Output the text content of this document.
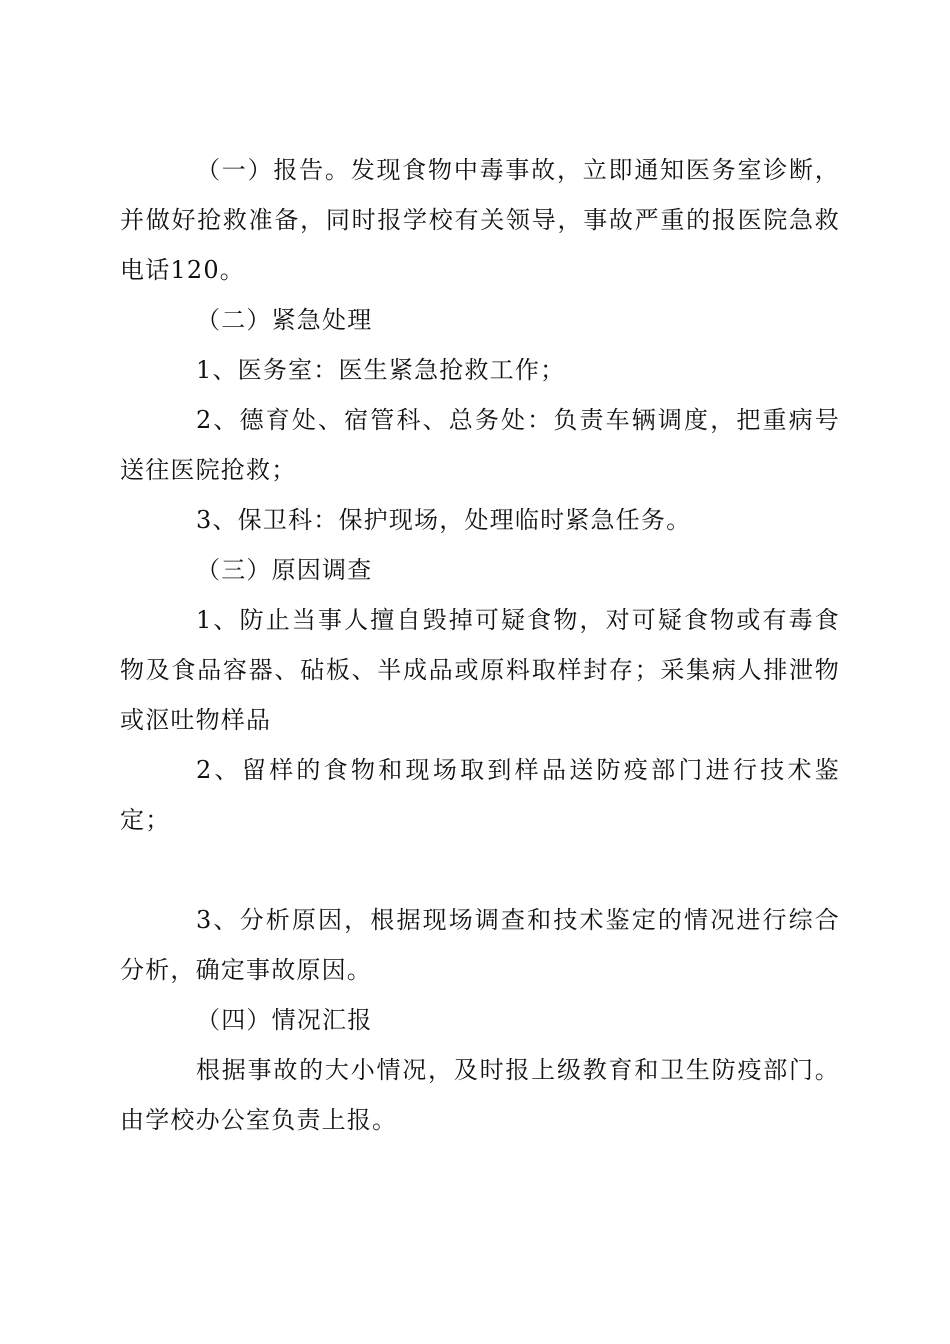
（一）报告。发现食物中毒事故，立即通知医务室诊断，并做好抢救准备，同时报学校有关领导，事故严重的报医院急救电话120。

（二）紧急处理

1、医务室：医生紧急抢救工作；

2、德育处、宿管科、总务处：负责车辆调度，把重病号送往医院抢救；

3、保卫科：保护现场，处理临时紧急任务。

（三）原因调查

1、防止当事人擅自毁掉可疑食物，对可疑食物或有毒食物及食品容器、砧板、半成品或原料取样封存；采集病人排泄物或沤吐物样品

2、留样的食物和现场取到样品送防疫部门进行技术鉴定；

3、分析原因，根据现场调查和技术鉴定的情况进行综合分析，确定事故原因。

（四）情况汇报

根据事故的大小情况，及时报上级教育和卫生防疫部门。由学校办公室负责上报。
